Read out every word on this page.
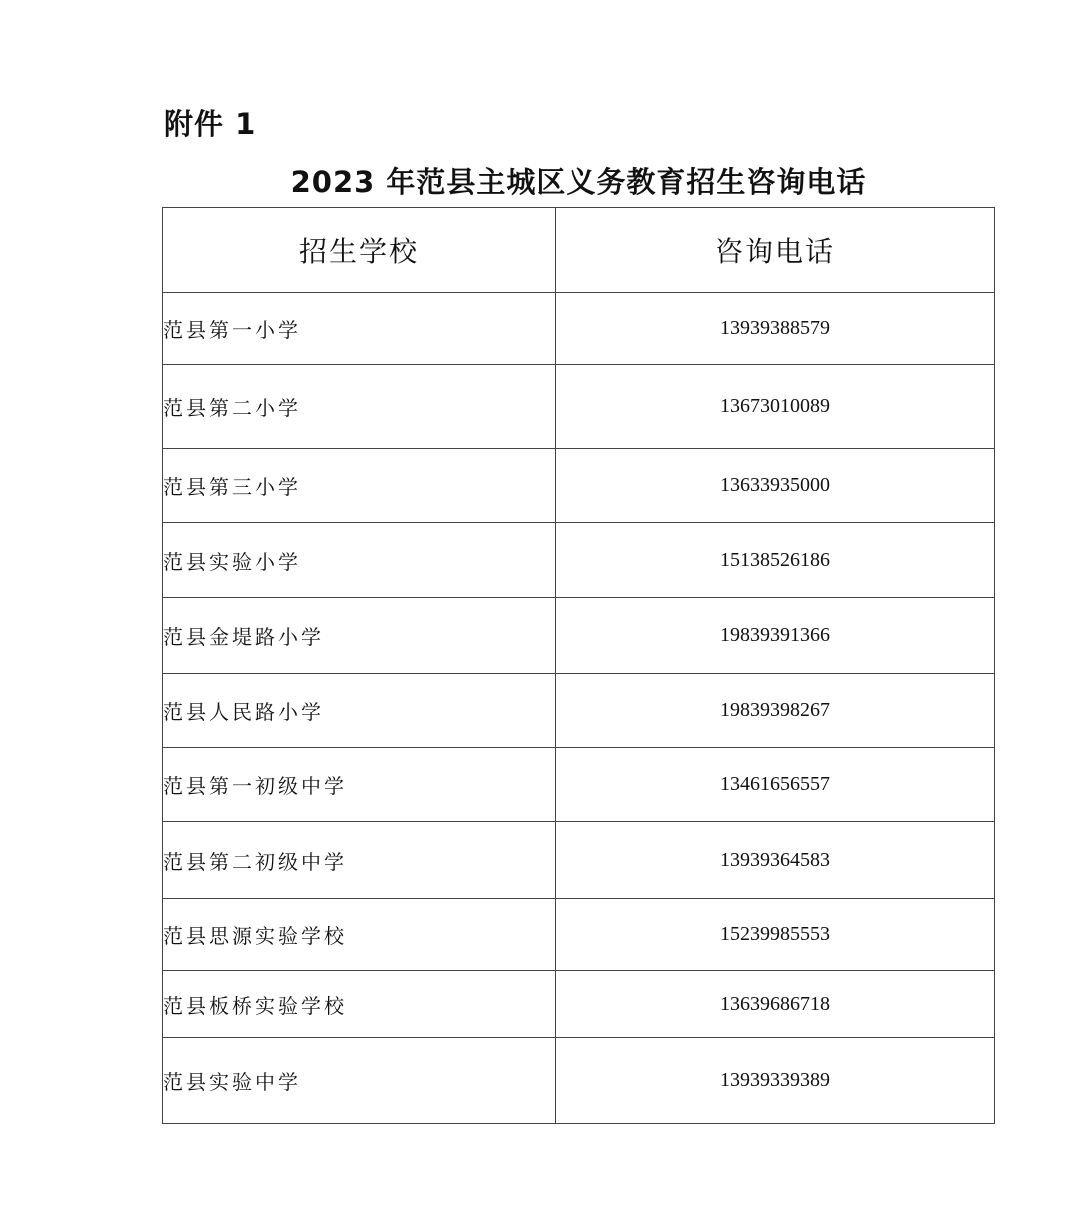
附件 1
2023 年范县主城区义务教育招生咨询电话
招生学校	咨询电话
范县第一小学	13939388579
范县第二小学	13673010089
范县第三小学	13633935000
范县实验小学	15138526186
范县金堤路小学	19839391366
范县人民路小学	19839398267
范县第一初级中学	13461656557
范县第二初级中学	13939364583
范县思源实验学校	15239985553
范县板桥实验学校	13639686718
范县实验中学	13939339389
